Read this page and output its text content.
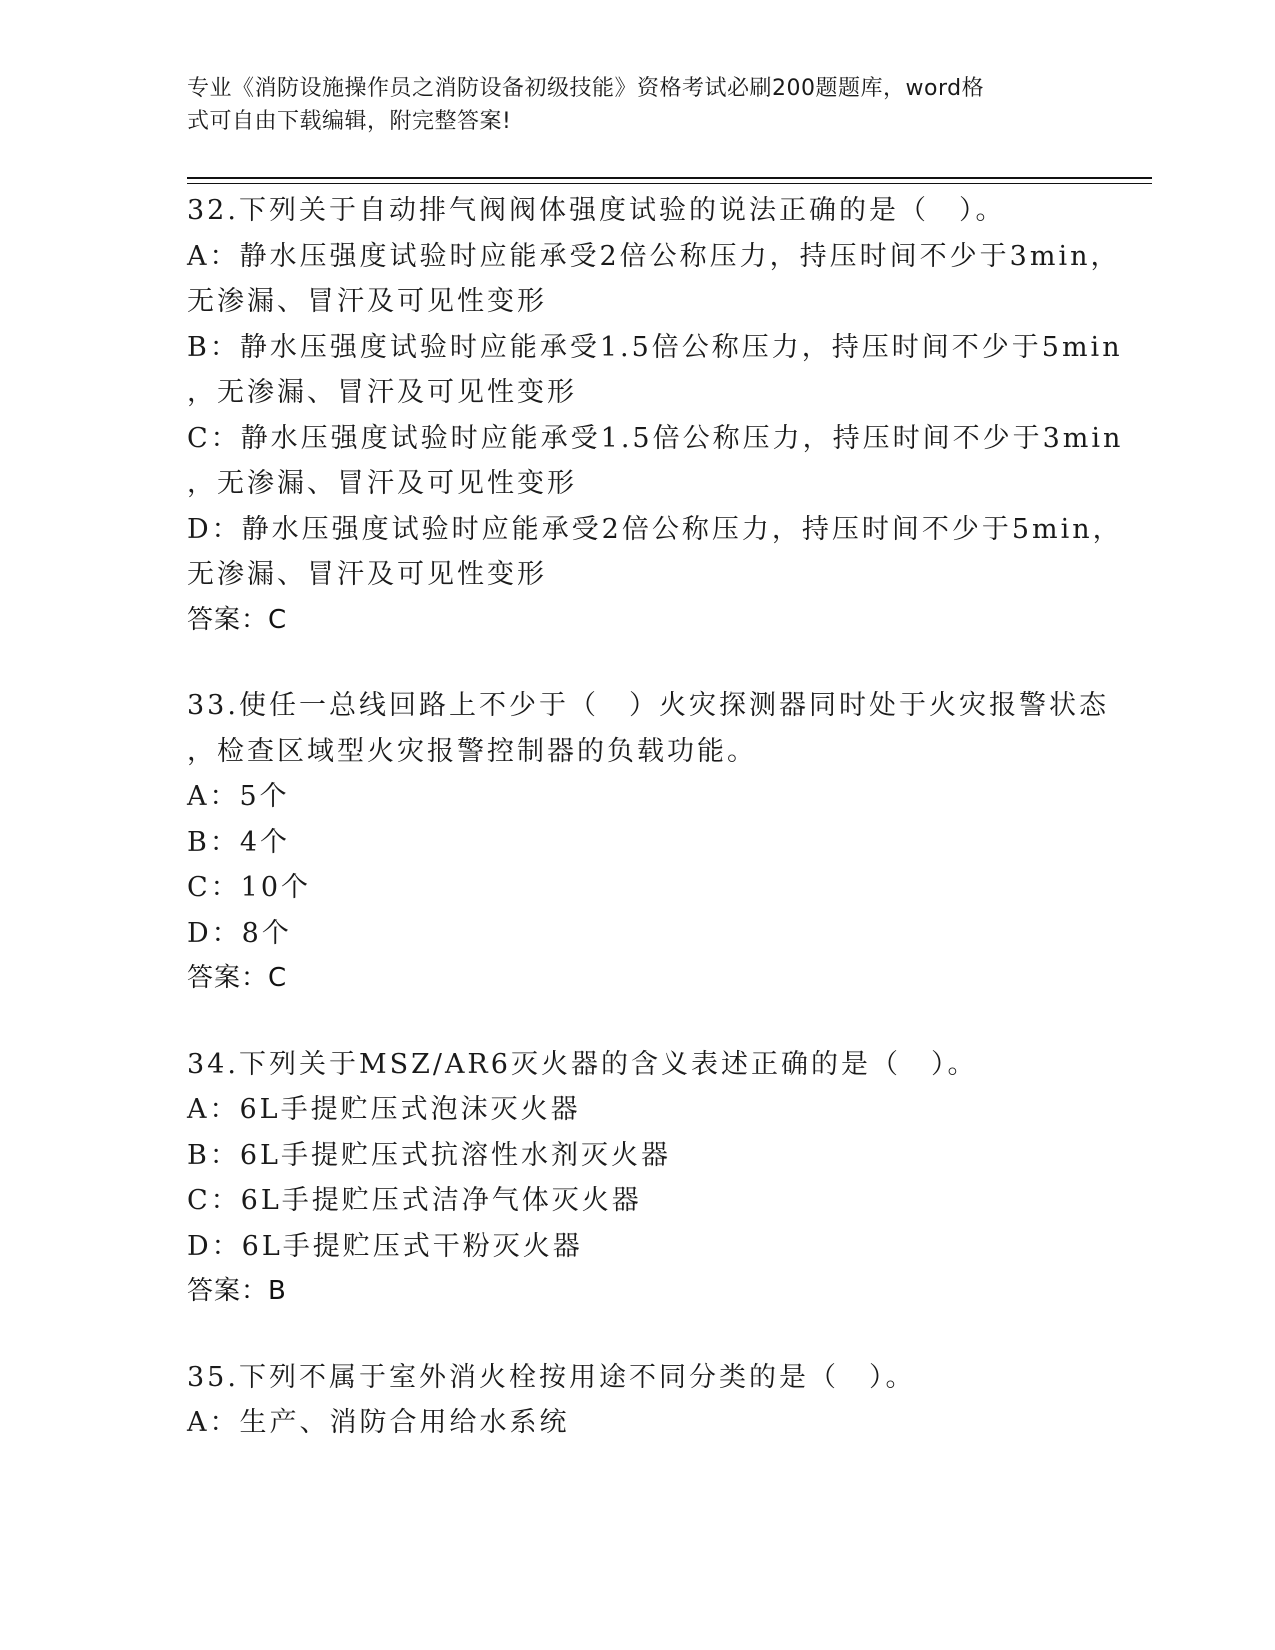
专业《消防设施操作员之消防设备初级技能》资格考试必刷200题题库，word格
式可自由下载编辑，附完整答案!
32.下列关于自动排气阀阀体强度试验的说法正确的是（　）。
A：静水压强度试验时应能承受2倍公称压力，持压时间不少于3min，
无渗漏、冒汗及可见性变形
B：静水压强度试验时应能承受1.5倍公称压力，持压时间不少于5min
，无渗漏、冒汗及可见性变形
C：静水压强度试验时应能承受1.5倍公称压力，持压时间不少于3min
，无渗漏、冒汗及可见性变形
D：静水压强度试验时应能承受2倍公称压力，持压时间不少于5min，
无渗漏、冒汗及可见性变形
答案：C
33.使任一总线回路上不少于（　）火灾探测器同时处于火灾报警状态
，检查区域型火灾报警控制器的负载功能。
A：5个
B：4个
C：10个
D：8个
答案：C
34.下列关于MSZ/AR6灭火器的含义表述正确的是（　）。
A：6L手提贮压式泡沫灭火器
B：6L手提贮压式抗溶性水剂灭火器
C：6L手提贮压式洁净气体灭火器
D：6L手提贮压式干粉灭火器
答案：B
35.下列不属于室外消火栓按用途不同分类的是（　）。
A：生产、消防合用给水系统
